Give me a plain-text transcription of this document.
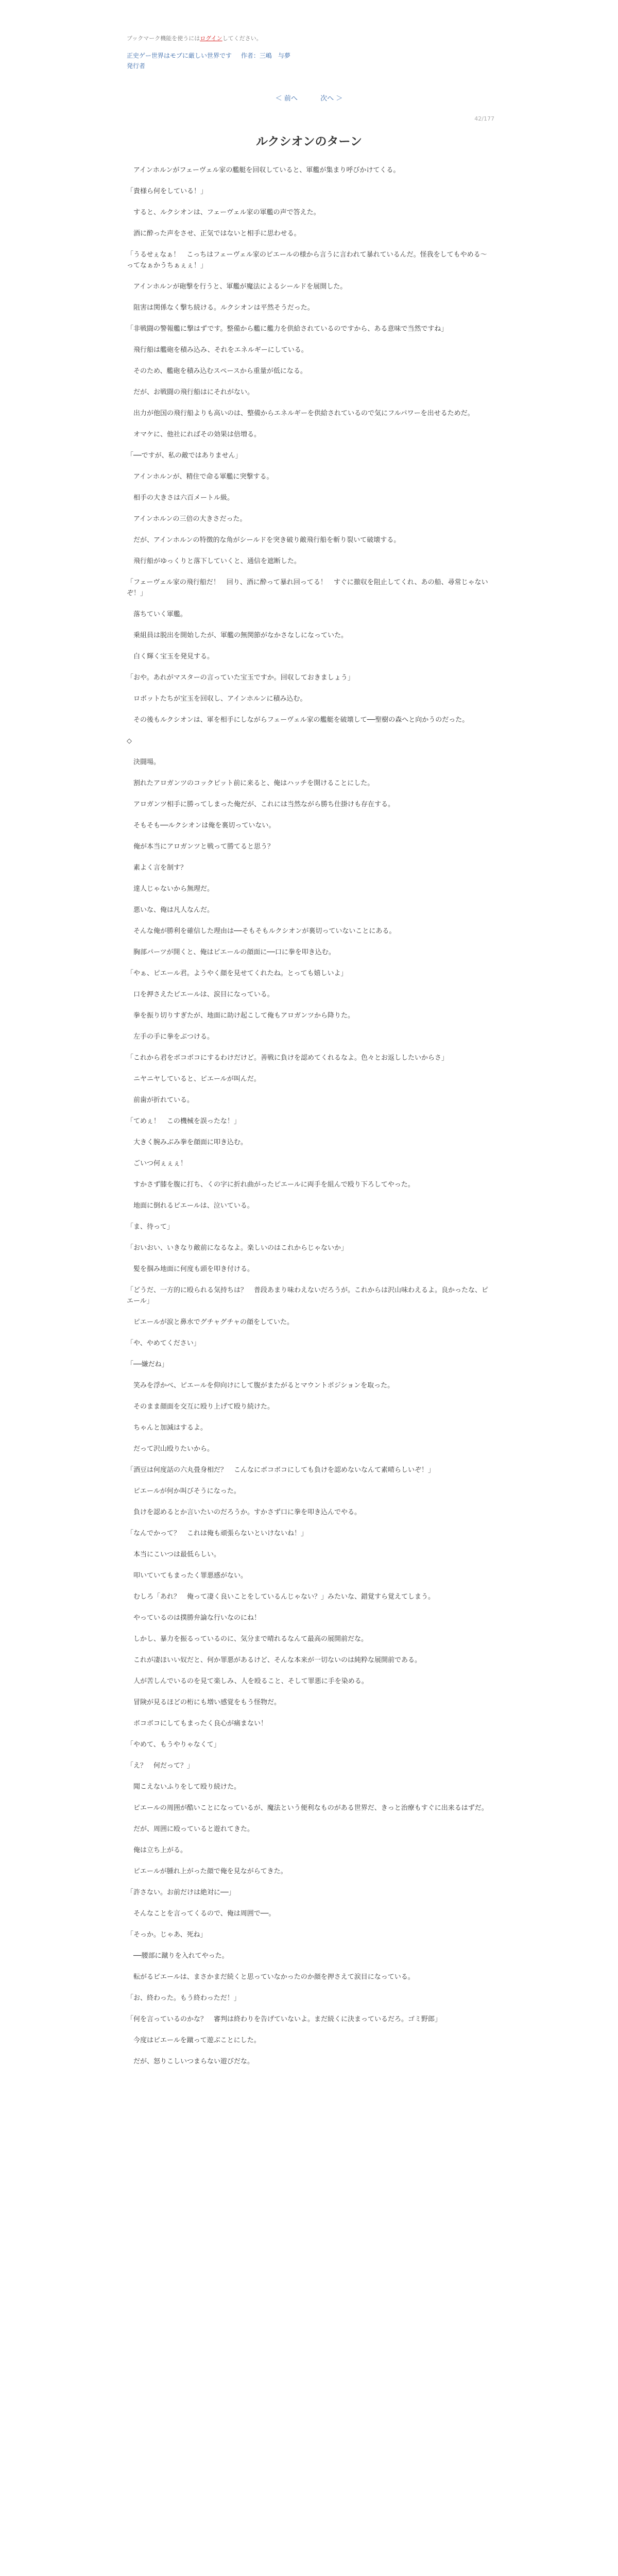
ブックマーク機能を使うにはログインしてください。
正史ゲー世界はモブに厳しい世界です 作者：三嶋　与夢
発行者
＜ 前へ	次へ ＞
42/177
ルクシオンのターン

　アインホルンがフェーヴェル家の艦艇を回収していると、軍艦が集まり呼びかけてくる。

「貴様ら何をしている！」

　すると、ルクシオンは、フェーヴェル家の軍艦の声で答えた。

　酒に酔った声をさせ、正気ではないと相手に思わせる。

「うるせぇなぁ！　こっちはフェーヴェル家のピエールの様から言うに言われて暴れているんだ。怪我をしてもやめる～ってなぁかうちぁぇぇ！」

　アインホルンが砲撃を行うと、軍艦が魔法によるシールドを展開した。

　阻害は関係なく撃ち続ける。ルクシオンは平然そうだった。

「非戦闘の警報艦に撃はずです。整備から艦に艦力を供給されているのですから、ある意味で当然ですね」

　飛行船は艦砲を積み込み、それをエネルギーにしている。

　そのため、艦砲を積み込むスペースから重量が低になる。

　だが、お戦闘の飛行船はにそれがない。

　出力が他国の飛行船よりも高いのは、整備からエネルギーを供給されているので気にフルパワーを出せるためだ。

　オマケに、他社にればその効果は倍増る。

「──ですが、私の敵ではありません」

　アインホルンが、精住で命る軍艦に突撃する。

　相手の大きさは六百メートル級。

　アインホルンの三倍の大きさだった。

　だが、アインホルンの特徴的な角がシールドを突き破り敵飛行船を斬り裂いて破壊する。

　飛行船がゆっくりと落下していくと、通信を遮断した。

「フェーヴェル家の飛行船だ！　回り、酒に酔って暴れ回ってる！　すぐに撤収を阻止してくれ、あの船、尋常じゃないぞ！」

　落ちていく軍艦。

　乗組員は脱出を開始したが、軍艦の無関節がなかさなしになっていた。

　白く輝く宝玉を発見する。

「おや。あれがマスターの言っていた宝玉ですか。回収しておきましょう」

　ロボットたちが宝玉を回収し、アインホルンに積み込む。

　その後もルクシオンは、軍を相手にしながらフェーヴェル家の艦艇を破壊して──聖樹の森へと向かうのだった。

◇

　決闘場。

　割れたアロガンツのコックピット前に来ると、俺はハッチを開けることにした。

　アロガンツ相手に勝ってしまった俺だが、これには当然ながら勝ち仕掛けも存在する。

　そもそも──ルクシオンは俺を裏切っていない。

　俺が本当にアロガンツと戦って勝てると思う？

　素よく言を制す？

　達人じゃないから無理だ。

　悪いな、俺は凡人なんだ。

　そんな俺が勝利を確信した理由は──そもそもルクシオンが裏切っていないことにある。

　胸部パーツが開くと、俺はピエールの顔面に──口に拳を叩き込む。

「やぁ、ピエール君。ようやく顔を見せてくれたね。とっても嬉しいよ」

　口を押さえたピエールは、涙目になっている。

　拳を振り切りすぎたが、地面に助け起こして俺もアロガンツから降りた。

　左手の手に拳をぶつける。

「これから君をボコボコにするわけだけど。善戦に負けを認めてくれるなよ。色々とお返ししたいからさ」

　ニヤニヤしていると、ピエールが叫んだ。

　前歯が折れている。

「てめぇ！　この機械を誤ったな！」

　大きく腕みぶみ拳を顔面に叩き込む。

　ごいつ何ぇぇぇ！

　すかさず膝を腹に打ち、くの字に折れ曲がったピエールに両手を組んで殴り下ろしてやった。

　地面に倒れるピエールは、泣いている。

「ま、待って」

「おいおい、いきなり敵前になるなよ。楽しいのはこれからじゃないか」

　髪を掴み地面に何度も頭を叩き付ける。

「どうだ、一方的に殴られる気持ちは？　普段あまり味わえないだろうが。これからは沢山味わえるよ。良かったな、ピエール」

　ピエールが涙と鼻水でグチャグチャの顔をしていた。

「や、やめてください」

「──嫌だね」

　笑みを浮かべ、ピエールを仰向けにして腹がまたがるとマウントポジションを取った。

　そのまま顔面を交互に殴り上げて殴り続けた。

　ちゃんと加減はするよ。

　だって沢山殴りたいから。

「酒豆は何度話の六丸畳身相だ？　こんなにボコボコにしても負けを認めないなんて素晴らしいぞ！」

　ピエールが何か叫びそうになった。

　負けを認めるとか言いたいのだろうか。すかさず口に拳を叩き込んでやる。

「なんでかって？　これは俺も頑張らないといけないね！」

　本当にこいつは最低らしい。

　叩いていてもまったく罪悪感がない。

　むしろ「あれ？　俺って凄く良いことをしているんじゃない？」みたいな、錯覚すら覚えてしまう。

　やっているのは撲勝弁論な行いなのにね！

　しかし、暴力を振るっているのに、気分まで晴れるなんて最高の展開前だな。

　これが凄ほいい奴だと、何か罪悪があるけど、そんな本来が一切ないのは純粋な展開前である。

　人が苦しんでいるのを見て楽しみ、人を殴ること、そして罪悪に手を染める。

　冒険が見るほどの桁にも増い感覚をもう怪物だ。

　ボコボコにしてもまったく良心が痛まない！

「やめて、もうやりゃなくて」

「え？　何だって？」

　聞こえないふりをして殴り続けた。

　ピエールの周囲が酷いことになっているが、魔法という便利なものがある世界だ、きっと治療もすぐに出来るはずだ。

　だが、周囲に殴っていると遊れてきた。

　俺は立ち上がる。

　ピエールが腫れ上がった顔で俺を見ながらてきた。

「許さない。お前だけは絶対に──」

　そんなことを言ってくるので、俺は周囲で──。

「そっか。じゃあ、死ね」

　──腰部に蹴りを入れてやった。

　転がるピエールは、まさかまだ続くと思っていなかったのか顔を押さえて涙目になっている。

「お、終わった。もう終わっただ！」

「何を言っているのかな？　審判は終わりを告げていないよ。まだ続くに決まっているだろ。ゴミ野郎」

　今度はピエールを蹴って遊ぶことにした。

　だが、怒りこしいつまらない遊びだな。
